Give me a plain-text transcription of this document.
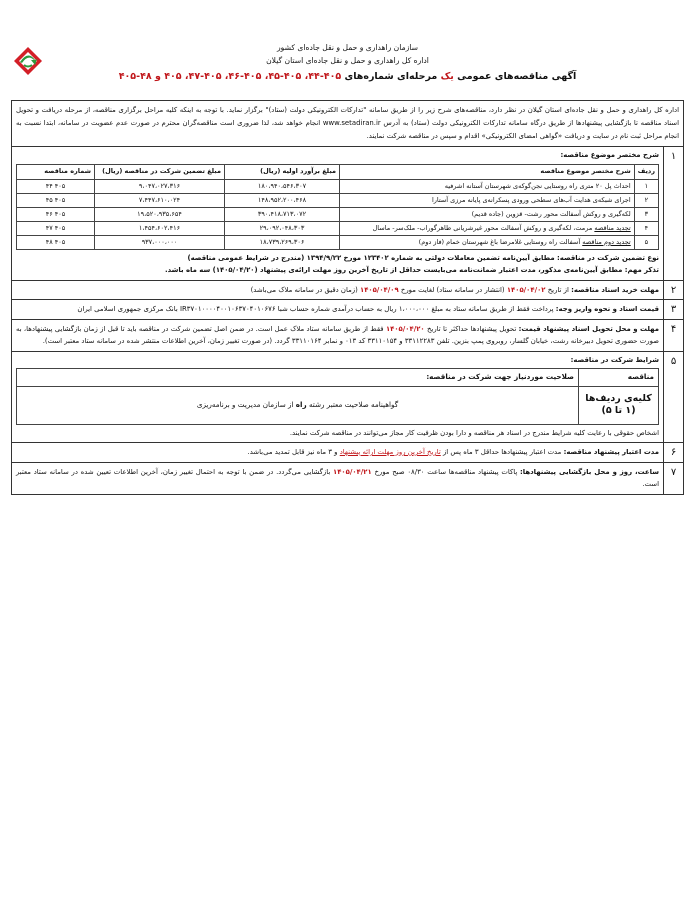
سازمان راهداری و حمل و نقل جاده‌ای کشور
اداره کل راهداری و حمل و نقل جاده‌ای استان گیلان
آگهی مناقصه‌های عمومی یک مرحله‌ای شماره‌های ۴۰۵-۴۴، ۴۰۵-۴۵، ۴۰۵-۴۶، ۴۰۵-۴۷، ۴۰۵ و ۴۸-۴۰۵
اداره کل راهداری و حمل و نقل جاده‌ای استان گیلان در نظر دارد، مناقصه‌های شرح زیر را از طریق سامانه "تدارکات الکترونیکی دولت (ستاد)" برگزار نماید. با توجه به اینکه کلیه مراحل برگزاری مناقصه، از مرحله دریافت و تحویل اسناد مناقصه تا بازگشایی پیشنهادها از طریق درگاه سامانه تدارکات الکترونیکی دولت (ستاد) به آدرس www.setadiran.ir انجام خواهد شد، لذا ضروری است مناقصه‌گران محترم در صورت عدم عضویت در سامانه، ابتدا نسبت به انجام مراحل ثبت نام در سایت و دریافت «گواهی امضای الکترونیکی» اقدام و سپس در مناقصه شرکت نمایند.
۱
شرح مختصر موضوع مناقصه:
ردیف	شرح مختصر موضوع مناقصه	مبلغ برآورد اولیه (ریال)	مبلغ تضمین شرکت در مناقصه (ریال)	شماره مناقصه
۱	احداث پل ۲۰ متری راه روستایی نجن‌گوکه‌ی شهرستان آستانه اشرفیه	۱۸۰،۹۴۰،۵۴۶،۳۰۷	۹،۰۴۷،۰۲۷،۳۱۶	۴۰۵ ۴۴
۲	اجرای شبکه‌ی هدایت آب‌های سطحی ورودی پسکرانه‌ی پایانه مرزی آستارا	۱۴۸،۹۵۲،۲۰۰،۴۶۸	۷،۴۴۷،۶۱۰،۰۲۴	۴۰۵ ۴۵
۳	لکه‌گیری و روکش آسفالت محور رشت- قزوین (جاده قدیم)	۳۹۰،۴۱۸،۷۱۳،۰۷۲	۱۹،۵۲۰،۹۳۵،۶۵۴	۴۰۵ ۴۶
۴	تجدید مناقصه مرمت، لکه‌گیری و روکش آسفالت محور غیرشریانی طاهرگوراب- ملک‌سر- ماسال	۲۹،۰۹۲،۰۴۸،۳۰۳	۱،۴۵۴،۶۰۲،۴۱۶	۴۰۵ ۴۷
۵	تجدید دوم مناقصه آسفالت راه روستایی غلامرضا باغ شهرستان خمام (فاز دوم)	۱۸،۷۳۹،۲۶۹،۳۰۶	۹۳۷،۰۰۰،۰۰۰	۴۰۵ ۴۸
نوع تضمین شرکت در مناقصه: مطابق آیین‌نامه تضمین معاملات دولتی به شماره ۱۲۳۴۰۲ مورخ ۱۳۹۴/۹/۲۲ (مندرج در شرایط عمومی مناقصه)
تذکر مهم: مطابق آیین‌نامه‌ی مذکور، مدت اعتبار ضمانت‌نامه می‌بایست حداقل از تاریخ آخرین روز مهلت ارائه‌ی پیشنهاد (۱۴۰۵/۰۴/۲۰) سه ماه باشد.
۲
مهلت خرید اسناد مناقصه: از تاریخ ۱۴۰۵/۰۴/۰۲ (انتشار در سامانه ستاد) لغایت مورخ ۱۴۰۵/۰۴/۰۹ (زمان دقیق در سامانه ملاک می‌باشد)
۳
قیمت اسناد و نحوه واریز وجه: پرداخت فقط از طریق سامانه ستاد به مبلغ ۱،۰۰۰،۰۰۰ ریال به حساب درآمدی شماره حساب شبا IR۳۷۰۱۰۰۰۰۴۰۰۱۰۶۳۷۰۴۰۱۰۶۷۶ بانک مرکزی جمهوری اسلامی ایران
۴
مهلت و محل تحویل اسناد پیشنهاد قیمت: تحویل پیشنهادها حداکثر تا تاریخ ۱۴۰۵/۰۴/۲۰ فقط از طریق سامانه ستاد ملاک عمل است. در ضمن اصل تضمین شرکت در مناقصه باید تا قبل از زمان بازگشایی پیشنهادها، به صورت حضوری تحویل دبیرخانه رشت، خیابان گلسار، روبروی پمپ بنزین. تلفن ۳۳۱۱۲۲۸۳ و ۳۳۱۱۰۱۵۴ کد ۰۱۳ و نمابر ۳۳۱۱۰۱۶۴ گردد. (در صورت تغییر زمان، آخرین اطلاعات منتشر شده در سامانه ستاد معتبر است).
۵
شرایط شرکت در مناقصه:
مناقصه	صلاحیت موردنیاز جهت شرکت در مناقصه:
کلیه‌ی ردیف‌ها (۱ تا ۵)	گواهینامه صلاحیت معتبر رشته راه از سازمان مدیریت و برنامه‌ریزی
اشخاص حقوقی با رعایت کلیه شرایط مندرج در اسناد هر مناقصه و دارا بودن ظرفیت کار مجاز می‌توانند در مناقصه شرکت نمایند.
۶
مدت اعتبار پیشنهاد مناقصه: مدت اعتبار پیشنهادها حداقل ۳ ماه پس از تاریخ آخرین روز مهلت ارائه پیشنهاد و ۳ ماه نیز قابل تمدید می‌باشد.
۷
ساعت، روز و محل بازگشایی پیشنهادها: پاکات پیشنهاد مناقصه‌ها ساعت ۰۸/۳۰ صبح مورخ ۱۴۰۵/۰۴/۲۱ بازگشایی می‌گردد. در ضمن با توجه به احتمال تغییر زمان، آخرین اطلاعات تعیین شده در سامانه ستاد معتبر است.
